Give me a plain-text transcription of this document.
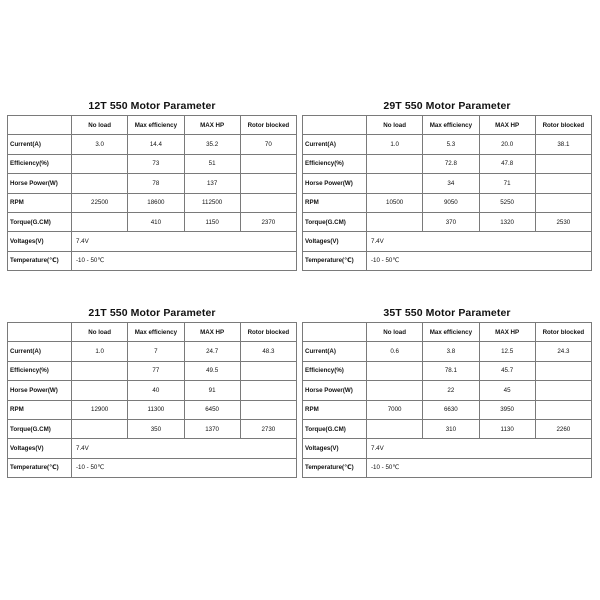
12T 550 Motor Parameter
	No load	Max efficiency	MAX HP	Rotor blocked
Current(A)	3.0	14.4	35.2	70
Efficiency(%)		73	51	
Horse Power(W)		78	137	
RPM	22500	18600	112500	
Torque(G.CM)		410	1150	2370
Voltages(V)	7.4V			
Temperature(℃)	-10 - 50℃			
29T 550 Motor Parameter
	No load	Max efficiency	MAX HP	Rotor blocked
Current(A)	1.0	5.3	20.0	38.1
Efficiency(%)		72.8	47.8	
Horse Power(W)		34	71	
RPM	10500	9050	5250	
Torque(G.CM)		370	1320	2530
Voltages(V)	7.4V			
Temperature(℃)	-10 - 50℃			
21T 550 Motor Parameter
	No load	Max efficiency	MAX HP	Rotor blocked
Current(A)	1.0	7	24.7	48.3
Efficiency(%)		77	49.5	
Horse Power(W)		40	91	
RPM	12900	11300	6450	
Torque(G.CM)		350	1370	2730
Voltages(V)	7.4V			
Temperature(℃)	-10 - 50℃			
35T 550 Motor Parameter
	No load	Max efficiency	MAX HP	Rotor blocked
Current(A)	0.6	3.8	12.5	24.3
Efficiency(%)		78.1	45.7	
Horse Power(W)		22	45	
RPM	7000	6630	3950	
Torque(G.CM)		310	1130	2260
Voltages(V)	7.4V			
Temperature(℃)	-10 - 50℃			
